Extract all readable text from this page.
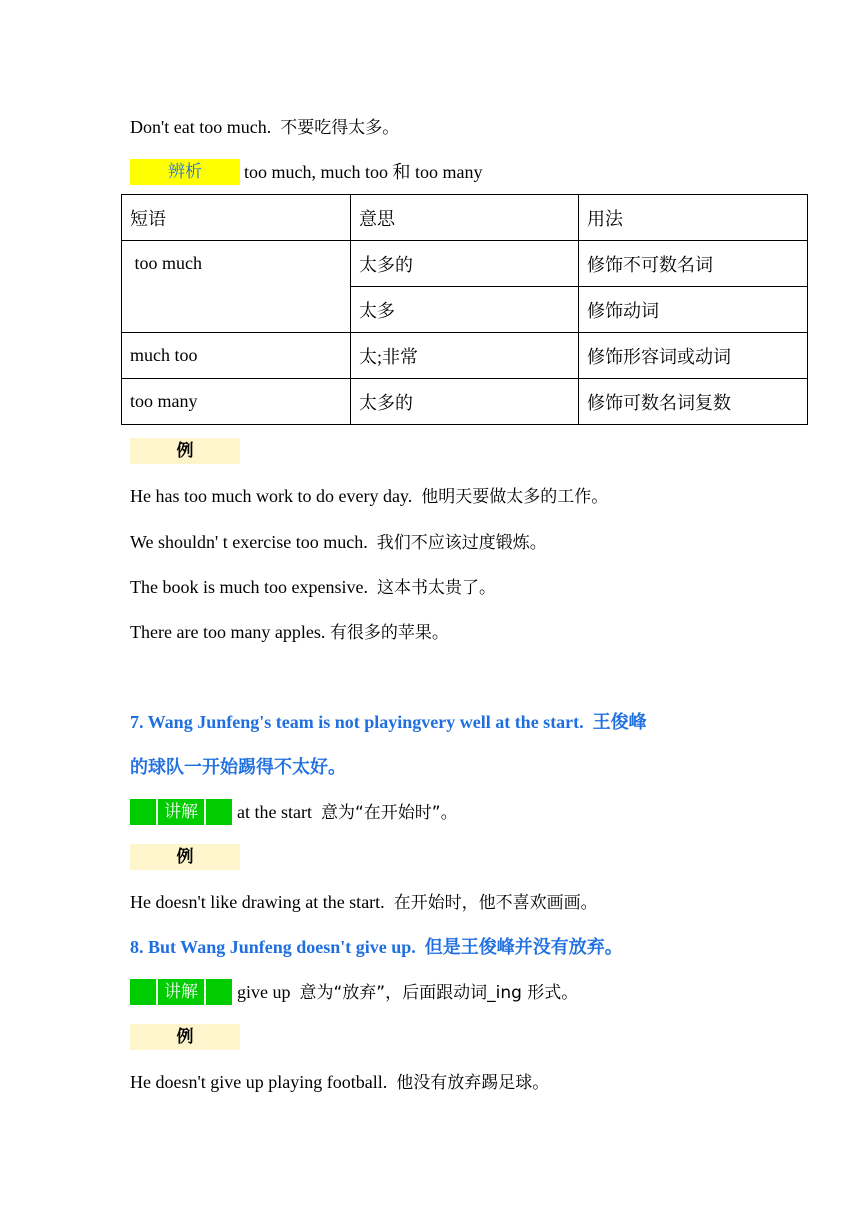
Don't eat too much. 不要吃得太多。
辨析	too much, much too 和 too many
短语	意思	用法
too much	太多的	修饰不可数名词
	太多	修饰动词
much too	太;非常	修饰形容词或动词
too many	太多的	修饰可数名词复数
例
He has too much work to do every day. 他明天要做太多的工作。
We shouldn' t exercise too much. 我们不应该过度锻炼。
The book is much too expensive. 这本书太贵了。
There are too many apples. 有很多的苹果。
7. Wang Junfeng's team is not playingvery well at the start. 王俊峰
的球队一开始踢得不太好。
讲解	at the start 意为“在开始时”。
例
He doesn't like drawing at the start. 在开始时，他不喜欢画画。
8. But Wang Junfeng doesn't give up. 但是王俊峰并没有放弃。
讲解	give up 意为“放弃”，后面跟动词_ing 形式。
例
He doesn't give up playing football. 他没有放弃踢足球。
